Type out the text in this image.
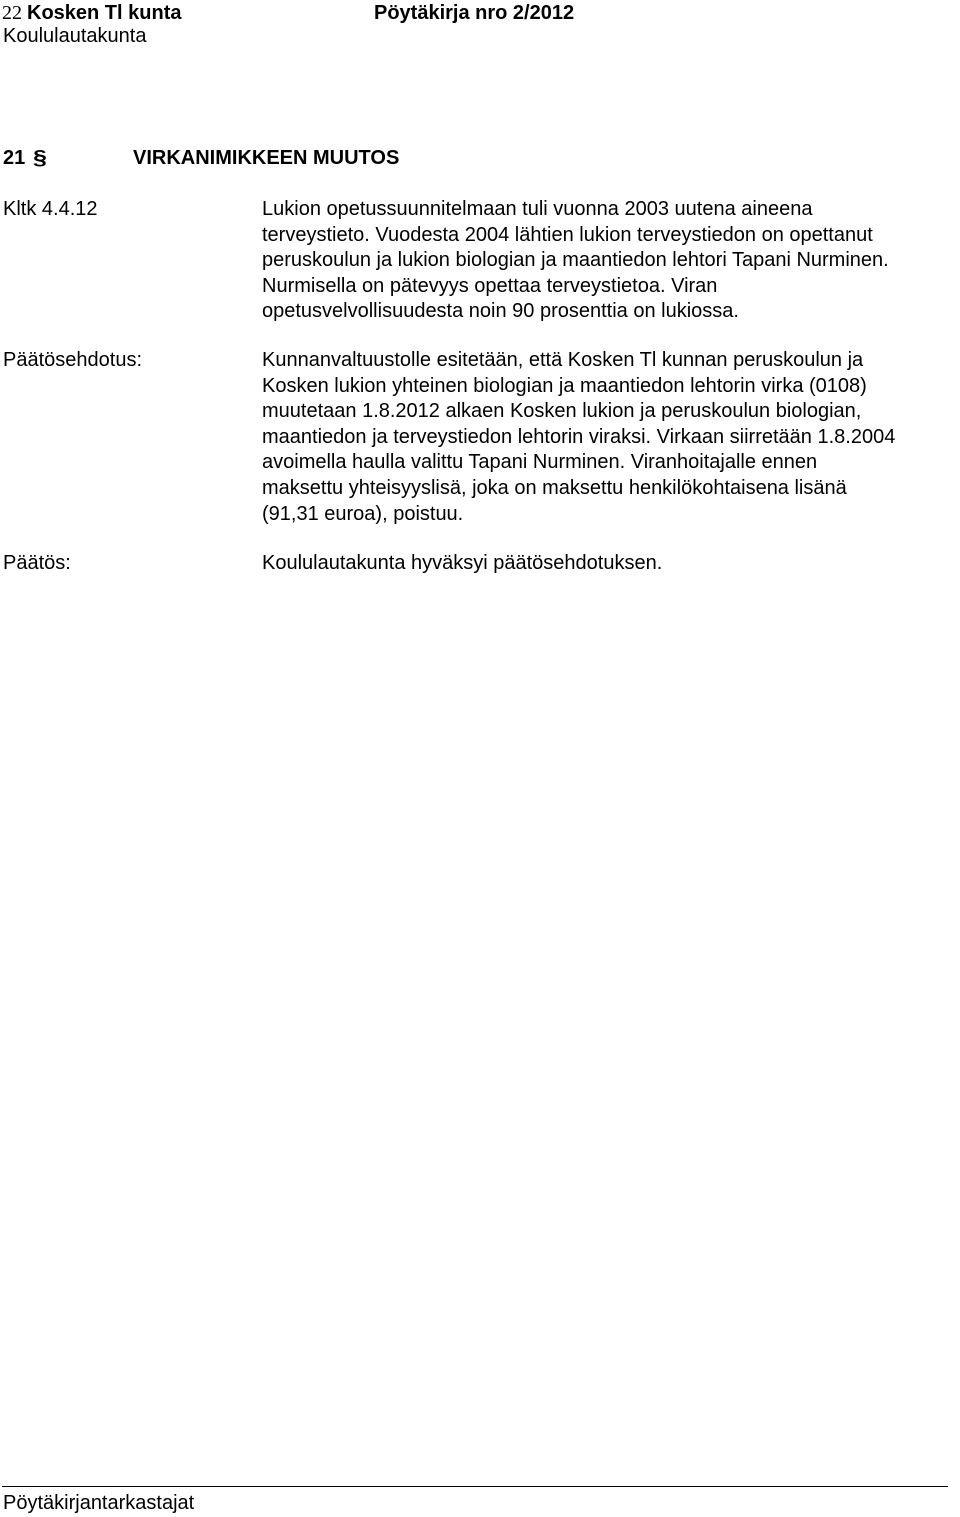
22 Kosken Tl kunta	Pöytäkirja nro 2/2012
Koululautakunta
21 §	VIRKANIMIKKEEN MUUTOS
Kltk 4.4.12	Lukion opetussuunnitelmaan tuli vuonna 2003 uutena aineena
terveystieto. Vuodesta 2004 lähtien lukion terveystiedon on opettanut
peruskoulun ja lukion biologian ja maantiedon lehtori Tapani Nurminen.
Nurmisella on pätevyys opettaa terveystietoa. Viran
opetusvelvollisuudesta noin 90 prosenttia on lukiossa.
Päätösehdotus:	Kunnanvaltuustolle esitetään, että Kosken Tl kunnan peruskoulun ja
Kosken lukion yhteinen biologian ja maantiedon lehtorin virka (0108)
muutetaan 1.8.2012 alkaen Kosken lukion ja peruskoulun biologian,
maantiedon ja terveystiedon lehtorin viraksi. Virkaan siirretään 1.8.2004
avoimella haulla valittu Tapani Nurminen. Viranhoitajalle ennen
maksettu yhteisyyslisä, joka on maksettu henkilökohtaisena lisänä
(91,31 euroa), poistuu.
Päätös:	Koululautakunta hyväksyi päätösehdotuksen.
Pöytäkirjantarkastajat
